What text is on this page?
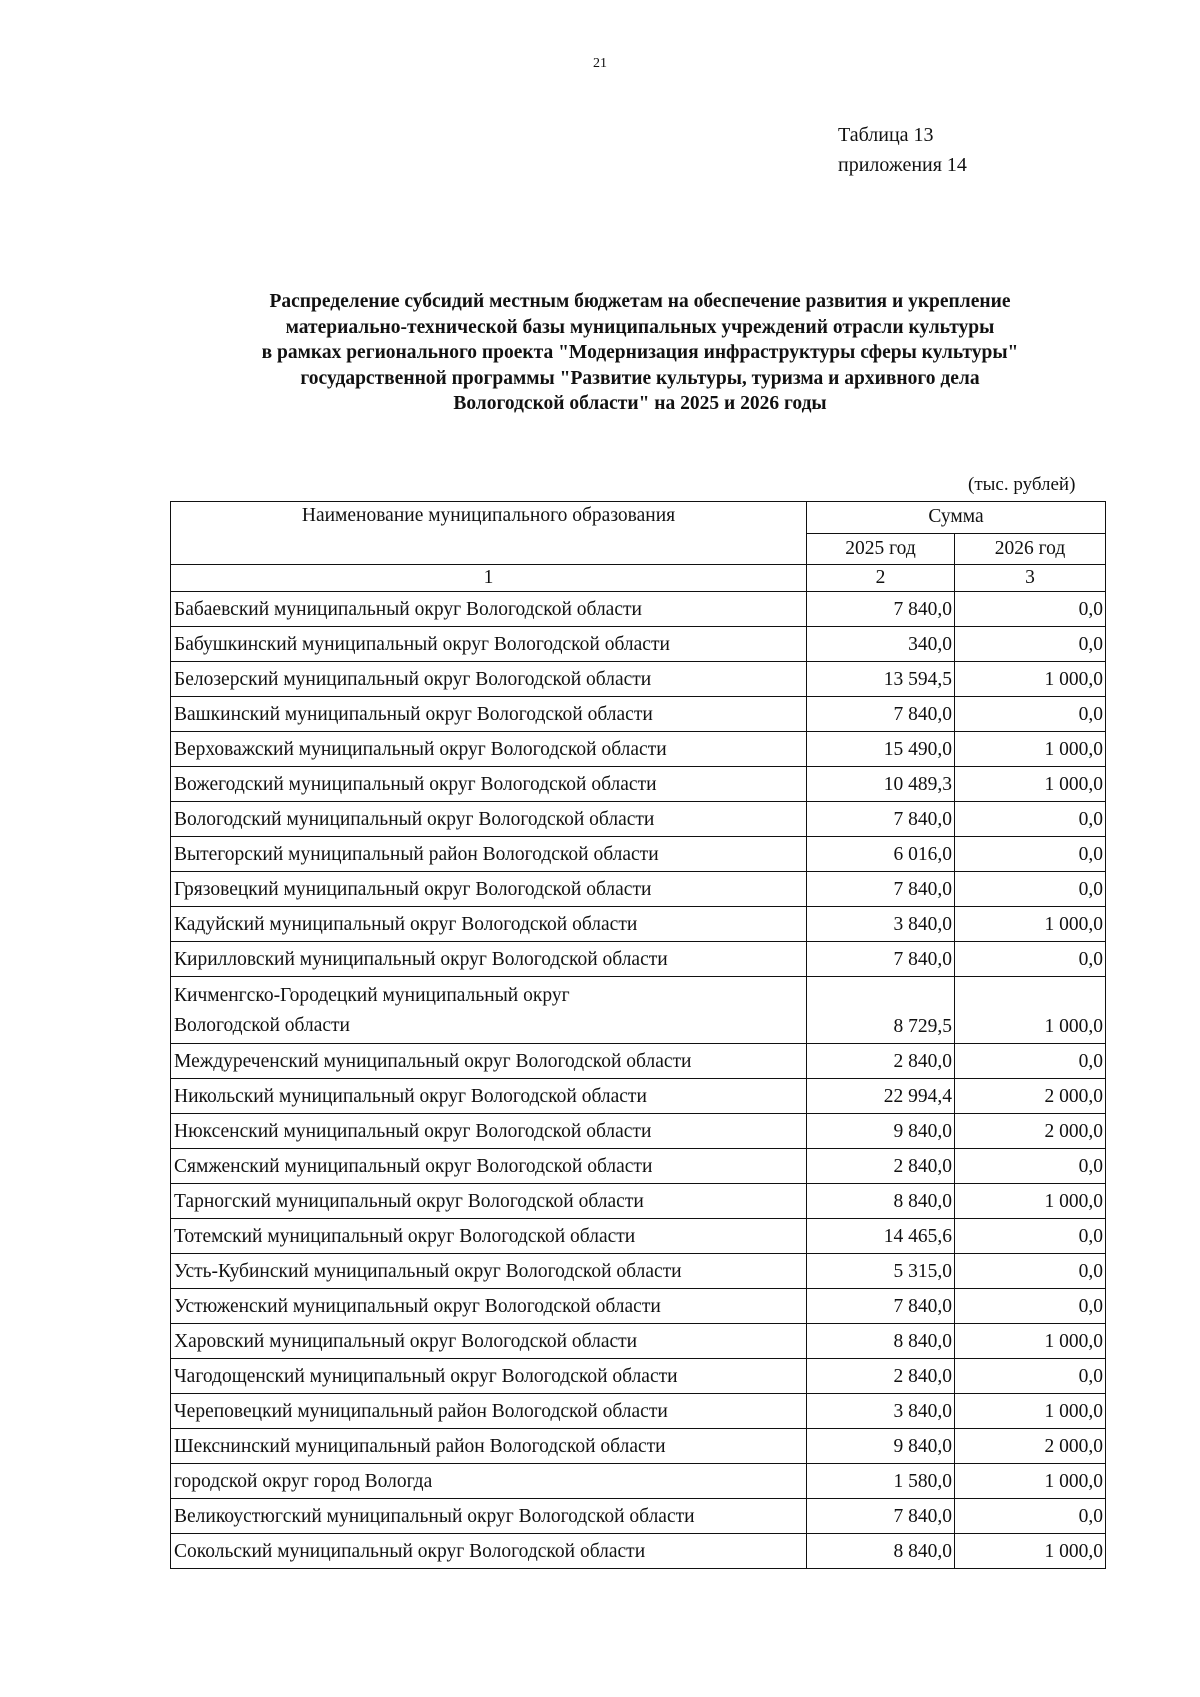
21
Таблица 13
приложения 14
Распределение субсидий местным бюджетам на обеспечение развития и укрепление
материально-технической базы муниципальных учреждений отрасли культуры
в рамках регионального проекта "Модернизация инфраструктуры сферы культуры"
государственной программы "Развитие культуры, туризма и архивного дела
Вологодской области" на 2025 и 2026 годы
(тыс. рублей)
Наименование муниципального образования	Сумма	
	2025 год	2026 год
1	2	3
Бабаевский муниципальный округ Вологодской области	7 840,0	0,0
Бабушкинский муниципальный округ Вологодской области	340,0	0,0
Белозерский муниципальный округ Вологодской области	13 594,5	1 000,0
Вашкинский муниципальный округ Вологодской области	7 840,0	0,0
Верховажский муниципальный округ Вологодской области	15 490,0	1 000,0
Вожегодский муниципальный округ Вологодской области	10 489,3	1 000,0
Вологодский муниципальный округ Вологодской области	7 840,0	0,0
Вытегорский муниципальный район Вологодской области	6 016,0	0,0
Грязовецкий муниципальный округ Вологодской области	7 840,0	0,0
Кадуйский муниципальный округ Вологодской области	3 840,0	1 000,0
Кирилловский муниципальный округ Вологодской области	7 840,0	0,0

Кичменгско-Городецкий муниципальный округ
Вологодской области	8 729,5	1 000,0
Междуреченский муниципальный округ Вологодской области	2 840,0	0,0
Никольский муниципальный округ Вологодской области	22 994,4	2 000,0
Нюксенский муниципальный округ Вологодской области	9 840,0	2 000,0
Сямженский муниципальный округ Вологодской области	2 840,0	0,0
Тарногский муниципальный округ Вологодской области	8 840,0	1 000,0
Тотемский муниципальный округ Вологодской области	14 465,6	0,0
Усть-Кубинский муниципальный округ Вологодской области	5 315,0	0,0
Устюженский муниципальный округ Вологодской области	7 840,0	0,0
Харовский муниципальный округ Вологодской области	8 840,0	1 000,0
Чагодощенский муниципальный округ Вологодской области	2 840,0	0,0
Череповецкий муниципальный район Вологодской области	3 840,0	1 000,0
Шекснинский муниципальный район Вологодской области	9 840,0	2 000,0
городской округ город Вологда	1 580,0	1 000,0
Великоустюгский муниципальный округ Вологодской области	7 840,0	0,0
Сокольский муниципальный округ Вологодской области	8 840,0	1 000,0
